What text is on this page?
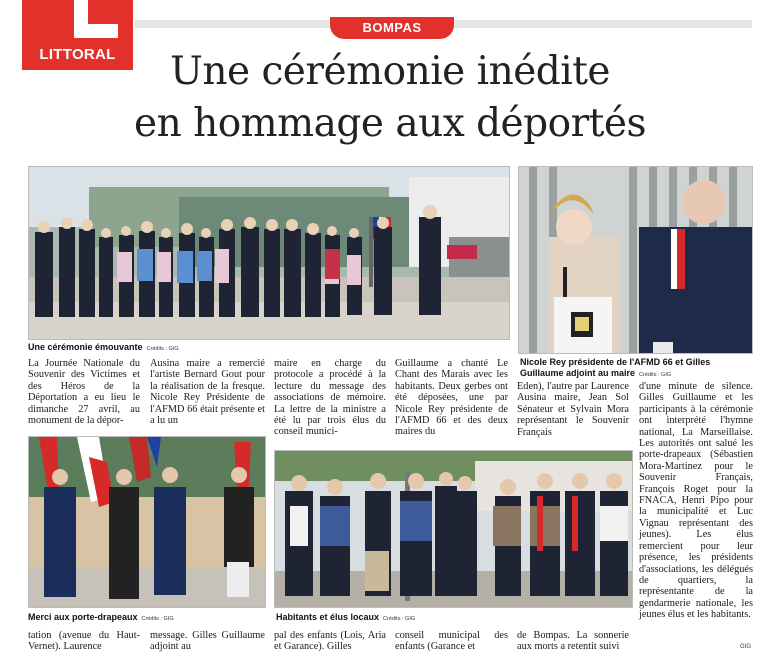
LITTORAL
BOMPAS
Une cérémonie inédite
en hommage aux déportés
Une cérémonie émouvante Crédits : GIG
Nicole Rey présidente de l'AFMD 66 et Gilles
Guillaume adjoint au maire Crédits : GIG
Merci aux porte-drapeaux Crédits : GIG	Habitants et élus locaux Crédits : GIG

La Journée Nationale du Souvenir des Victimes et des Héros de la Déportation a eu lieu le dimanche 27 avril, au monument de la dépor-

Ausina maire a remercié l'artiste Bernard Gout pour la réalisation de la fresque. Nicole Rey Présidente de l'AFMD 66 était présente et a lu un

maire en charge du protocole a procédé à la lecture du message des associations de mémoire. La lettre de la ministre a été lu par trois élus du conseil munici-

Guillaume a chanté Le Chant des Marais avec les habitants. Deux gerbes ont été déposées, une par Nicole Rey présidente de l'AFMD 66 et des deux maires du

Eden), l'autre par Laurence Ausina maire, Jean Sol Sénateur et Sylvain Mora représentant le Souvenir Français

d'une minute de silence. Gilles Guillaume et les participants à la cérémonie ont interprété l'hymne national, La Marseillaise. Les autorités ont salué les porte-drapeaux (Sébastien Mora-Martinez pour le Souvenir Français, François Roget pour la FNACA, Henri Pipo pour la municipalité et Luc Vignau représentant des jeunes). Les élus remercient pour leur présence, les présidents d'associations, les délégués de quartiers, la représentante de la gendarmerie nationale, les jeunes élus et les habitants.

tation (avenue du Haut-Vernet). Laurence

message. Gilles Guillaume adjoint au

pal des enfants (Lois, Aria et Garance). Gilles

conseil municipal des enfants (Garance et

de Bompas. La sonnerie aux morts a retentit suivi	GIG
